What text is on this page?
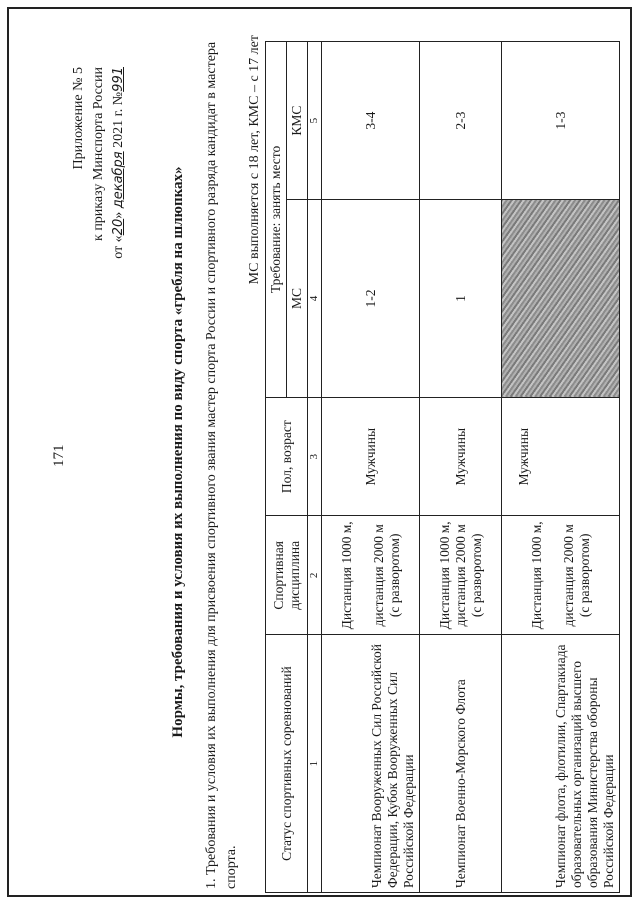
171
Приложение № 5 к приказу Минспорта России
от «20» декабря 2021 г. №991
Нормы, требования и условия их выполнения по виду спорта «гребля на шлюпках» 1. Требования и условия их выполнения для присвоения спортивного звания мастер спорта России и спортивного разряда кандидат в мастера спорта.
МС выполняется с 18 лет, КМС – с 17 лет
Статус спортивных соревнований	Спортивная дисциплина	Пол, возраст	Требование: занять место	
			МС	КМС
1	2	3	4	5
Чемпионат Вооруженных Сил Российской Федерации, Кубок Вооруженных Сил Российской Федерации	Дистанция 1000 м, дистанция 2000 м (с разворотом)	Мужчины	1-2	3-4
Чемпионат Военно-Морского Флота	Дистанция 1000 м, дистанция 2000 м (с разворотом)	Мужчины	1	2-3
Чемпионат флота, флотилии, Спартакиада образовательных организаций высшего образования Министерства обороны Российской Федерации	Дистанция 1000 м, дистанция 2000 м (с разворотом)	Мужчины		1-3
